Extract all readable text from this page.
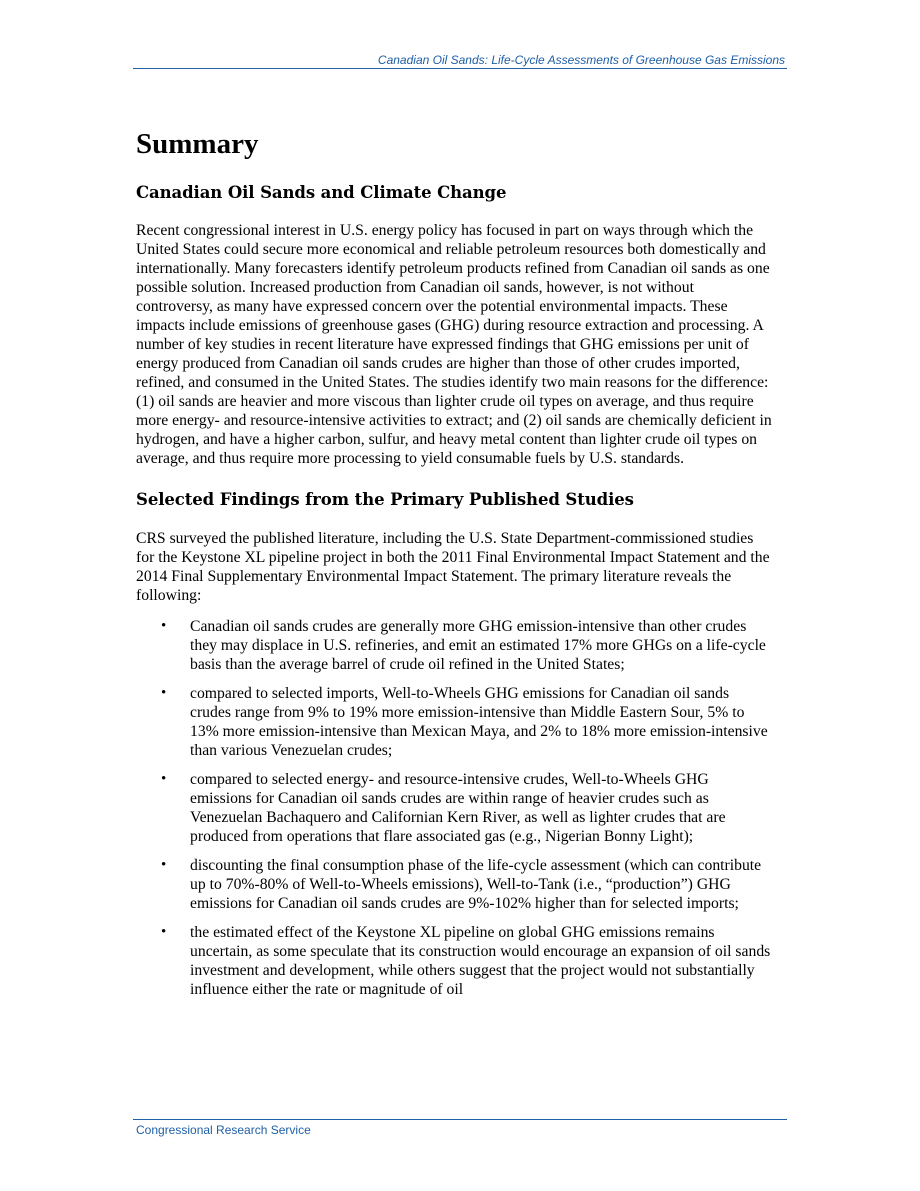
Canadian Oil Sands: Life-Cycle Assessments of Greenhouse Gas Emissions
Summary
Canadian Oil Sands and Climate Change

Recent congressional interest in U.S. energy policy has focused in part on ways through which the United States could secure more economical and reliable petroleum resources both domestically and internationally. Many forecasters identify petroleum products refined from Canadian oil sands as one possible solution. Increased production from Canadian oil sands, however, is not without controversy, as many have expressed concern over the potential environmental impacts. These impacts include emissions of greenhouse gases (GHG) during resource extraction and processing. A number of key studies in recent literature have expressed findings that GHG emissions per unit of energy produced from Canadian oil sands crudes are higher than those of other crudes imported, refined, and consumed in the United States. The studies identify two main reasons for the difference: (1) oil sands are heavier and more viscous than lighter crude oil types on average, and thus require more energy- and resource-intensive activities to extract; and (2) oil sands are chemically deficient in hydrogen, and have a higher carbon, sulfur, and heavy metal content than lighter crude oil types on average, and thus require more processing to yield consumable fuels by U.S. standards.

Selected Findings from the Primary Published Studies

CRS surveyed the published literature, including the U.S. State Department-commissioned studies for the Keystone XL pipeline project in both the 2011 Final Environmental Impact Statement and the 2014 Final Supplementary Environmental Impact Statement. The primary literature reveals the following:

• Canadian oil sands crudes are generally more GHG emission-intensive than other crudes they may displace in U.S. refineries, and emit an estimated 17% more GHGs on a life-cycle basis than the average barrel of crude oil refined in the United States;
• compared to selected imports, Well-to-Wheels GHG emissions for Canadian oil sands crudes range from 9% to 19% more emission-intensive than Middle Eastern Sour, 5% to 13% more emission-intensive than Mexican Maya, and 2% to 18% more emission-intensive than various Venezuelan crudes;
• compared to selected energy- and resource-intensive crudes, Well-to-Wheels GHG emissions for Canadian oil sands crudes are within range of heavier crudes such as Venezuelan Bachaquero and Californian Kern River, as well as lighter crudes that are produced from operations that flare associated gas (e.g., Nigerian Bonny Light);
• discounting the final consumption phase of the life-cycle assessment (which can contribute up to 70%-80% of Well-to-Wheels emissions), Well-to-Tank (i.e., “production”) GHG emissions for Canadian oil sands crudes are 9%-102% higher than for selected imports;
• the estimated effect of the Keystone XL pipeline on global GHG emissions remains uncertain, as some speculate that its construction would encourage an expansion of oil sands investment and development, while others suggest that the project would not substantially influence either the rate or magnitude of oil
Congressional Research Service
